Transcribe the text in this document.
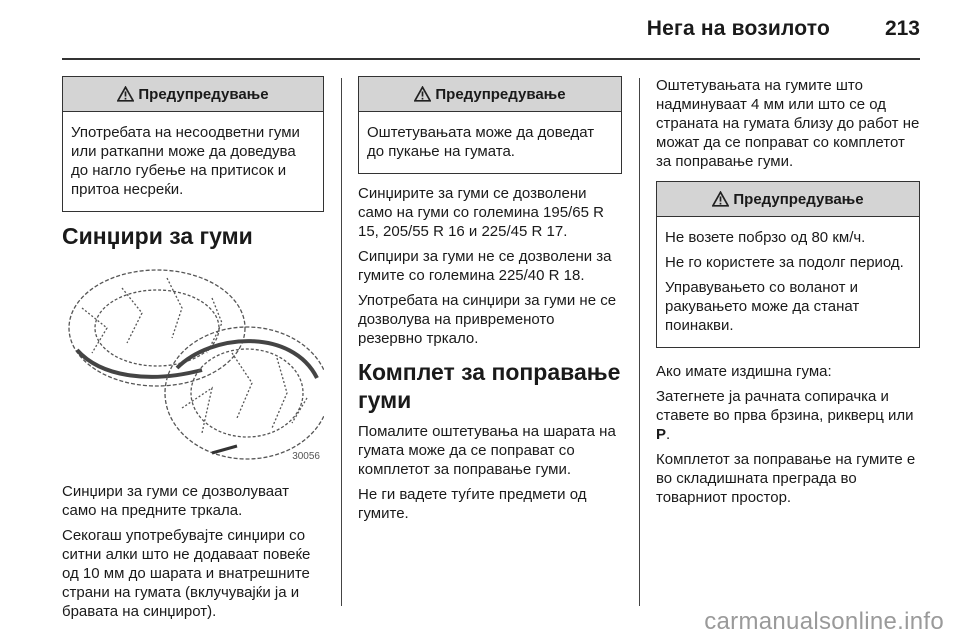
Нега на возилото	213
Предупредување

Употребата на несоодветни гуми или раткапни може да доведува до нагло губење на притисок и притоа несреќи.

Синџири за гуми
30056

Синџири за гуми се дозволуваат само на предните тркала.

Секогаш употребувајте синџири со ситни алки што не додаваат повеќе од 10 мм до шарата и внатрешните страни на гумата (вклучувајќи ја и бравата на синџирот).

Предупредување

Оштетувањата може да доведат до пукање на гумата.

Синџирите за гуми се дозволени само на гуми со големина 195/65 R 15, 205/55 R 16 и 225/45 R 17.

Сипџири за гуми не се дозволени за гумите со големина 225/40 R 18.

Употребата на синџири за гуми не се дозволува на привременото резервно тркало.

Комплет за поправање гуми

Помалите оштетувања на шарата на гумата може да се поправат со комплетот за поправање гуми.

Не ги вадете туѓите предмети од гумите.

Оштетувањата на гумите што надминуваат 4 мм или што се од страната на гумата близу до работ не можат да се поправат со комплетот за поправање гуми.

Предупредување

Не возете побрзо од 80 км/ч.

Не го користете за подолг период.

Управувањето со воланот и ракувањето може да станат поинакви.

Ако имате издишна гума:

Затегнете ја рачната сопирачка и ставете во прва брзина, рикверц или P.

Комплетот за поправање на гумите е во складишната преграда во товарниот простор.

carmanualsonline.info
